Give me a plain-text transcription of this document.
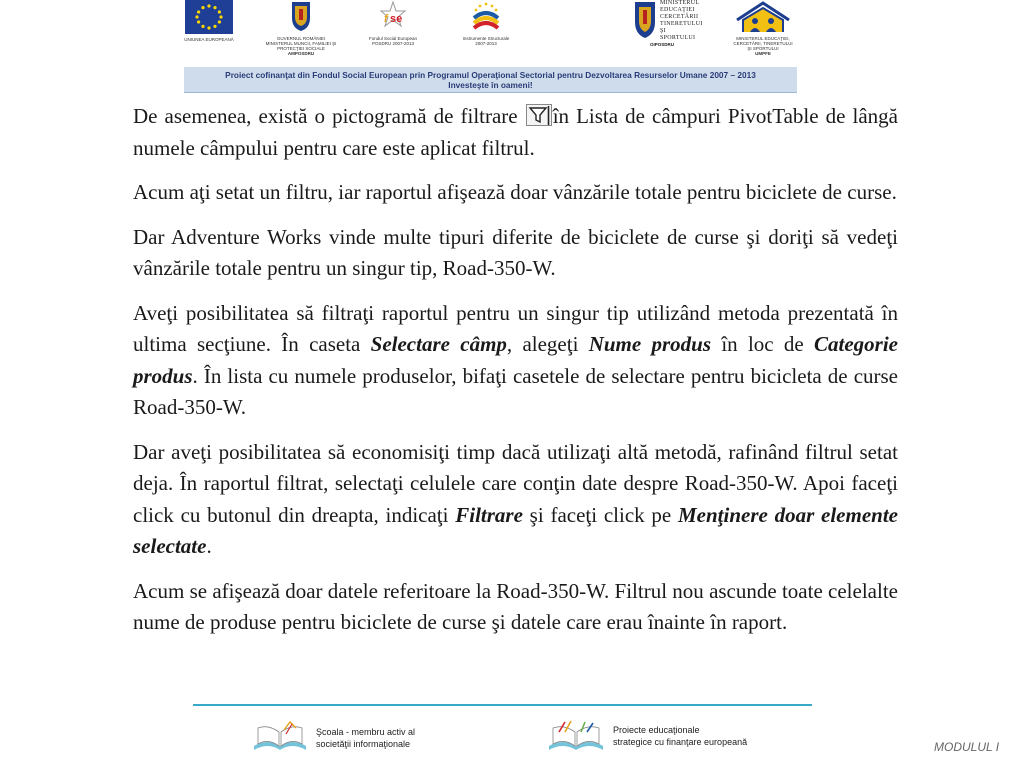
UNIUNEA EUROPEANĂ	GUVERNUL ROMÂNIEI
MINISTERUL MUNCII, FAMILIEI ŞI
PROTECŢIEI SOCIALE
AMPOSDRU
f se
Fondul Social European
POSDRU 2007-2013
Instrumente Structurale
2007-2013
MINISTERUL
EDUCAŢIEI
CERCETĂRII
TINERETULUI
ŞI SPORTULUI
OIPOSDRU
MINISTERUL EDUCAŢIEI,
CERCETĂRII, TINERETULUI
ŞI SPORTULUI
UMPFE
Proiect cofinanţat din Fondul Social European prin Programul Operaţional Sectorial pentru Dezvoltarea Resurselor Umane 2007 – 2013
Investeşte în oameni!

De asemenea, există o pictogramă de filtrare în Lista de câmpuri PivotTable de lângă numele câmpului pentru care este aplicat filtrul.

Acum aţi setat un filtru, iar raportul afişează doar vânzările totale pentru biciclete de curse.

Dar Adventure Works vinde multe tipuri diferite de biciclete de curse şi doriţi să vedeţi vânzările totale pentru un singur tip, Road-350-W.

Aveţi posibilitatea să filtraţi raportul pentru un singur tip utilizând metoda prezentată în ultima secţiune. În caseta Selectare câmp, alegeţi Nume produs în loc de Categorie produs. În lista cu numele produselor, bifaţi casetele de selectare pentru bicicleta de curse Road-350-W.

Dar aveţi posibilitatea să economisiţi timp dacă utilizaţi altă metodă, rafinând filtrul setat deja. În raportul filtrat, selectaţi celulele care conţin date despre Road-350-W. Apoi faceţi click cu butonul din dreapta, indicaţi Filtrare şi faceţi click pe Menţinere doar elemente selectate.

Acum se afişează doar datele referitoare la Road-350-W. Filtrul nou ascunde toate celelalte nume de produse pentru biciclete de curse şi datele care erau înainte în raport.

Şcoala - membru activ al
societăţii informaţionale
Proiecte educaţionale
strategice cu finanţare europeană	MODULUL I
